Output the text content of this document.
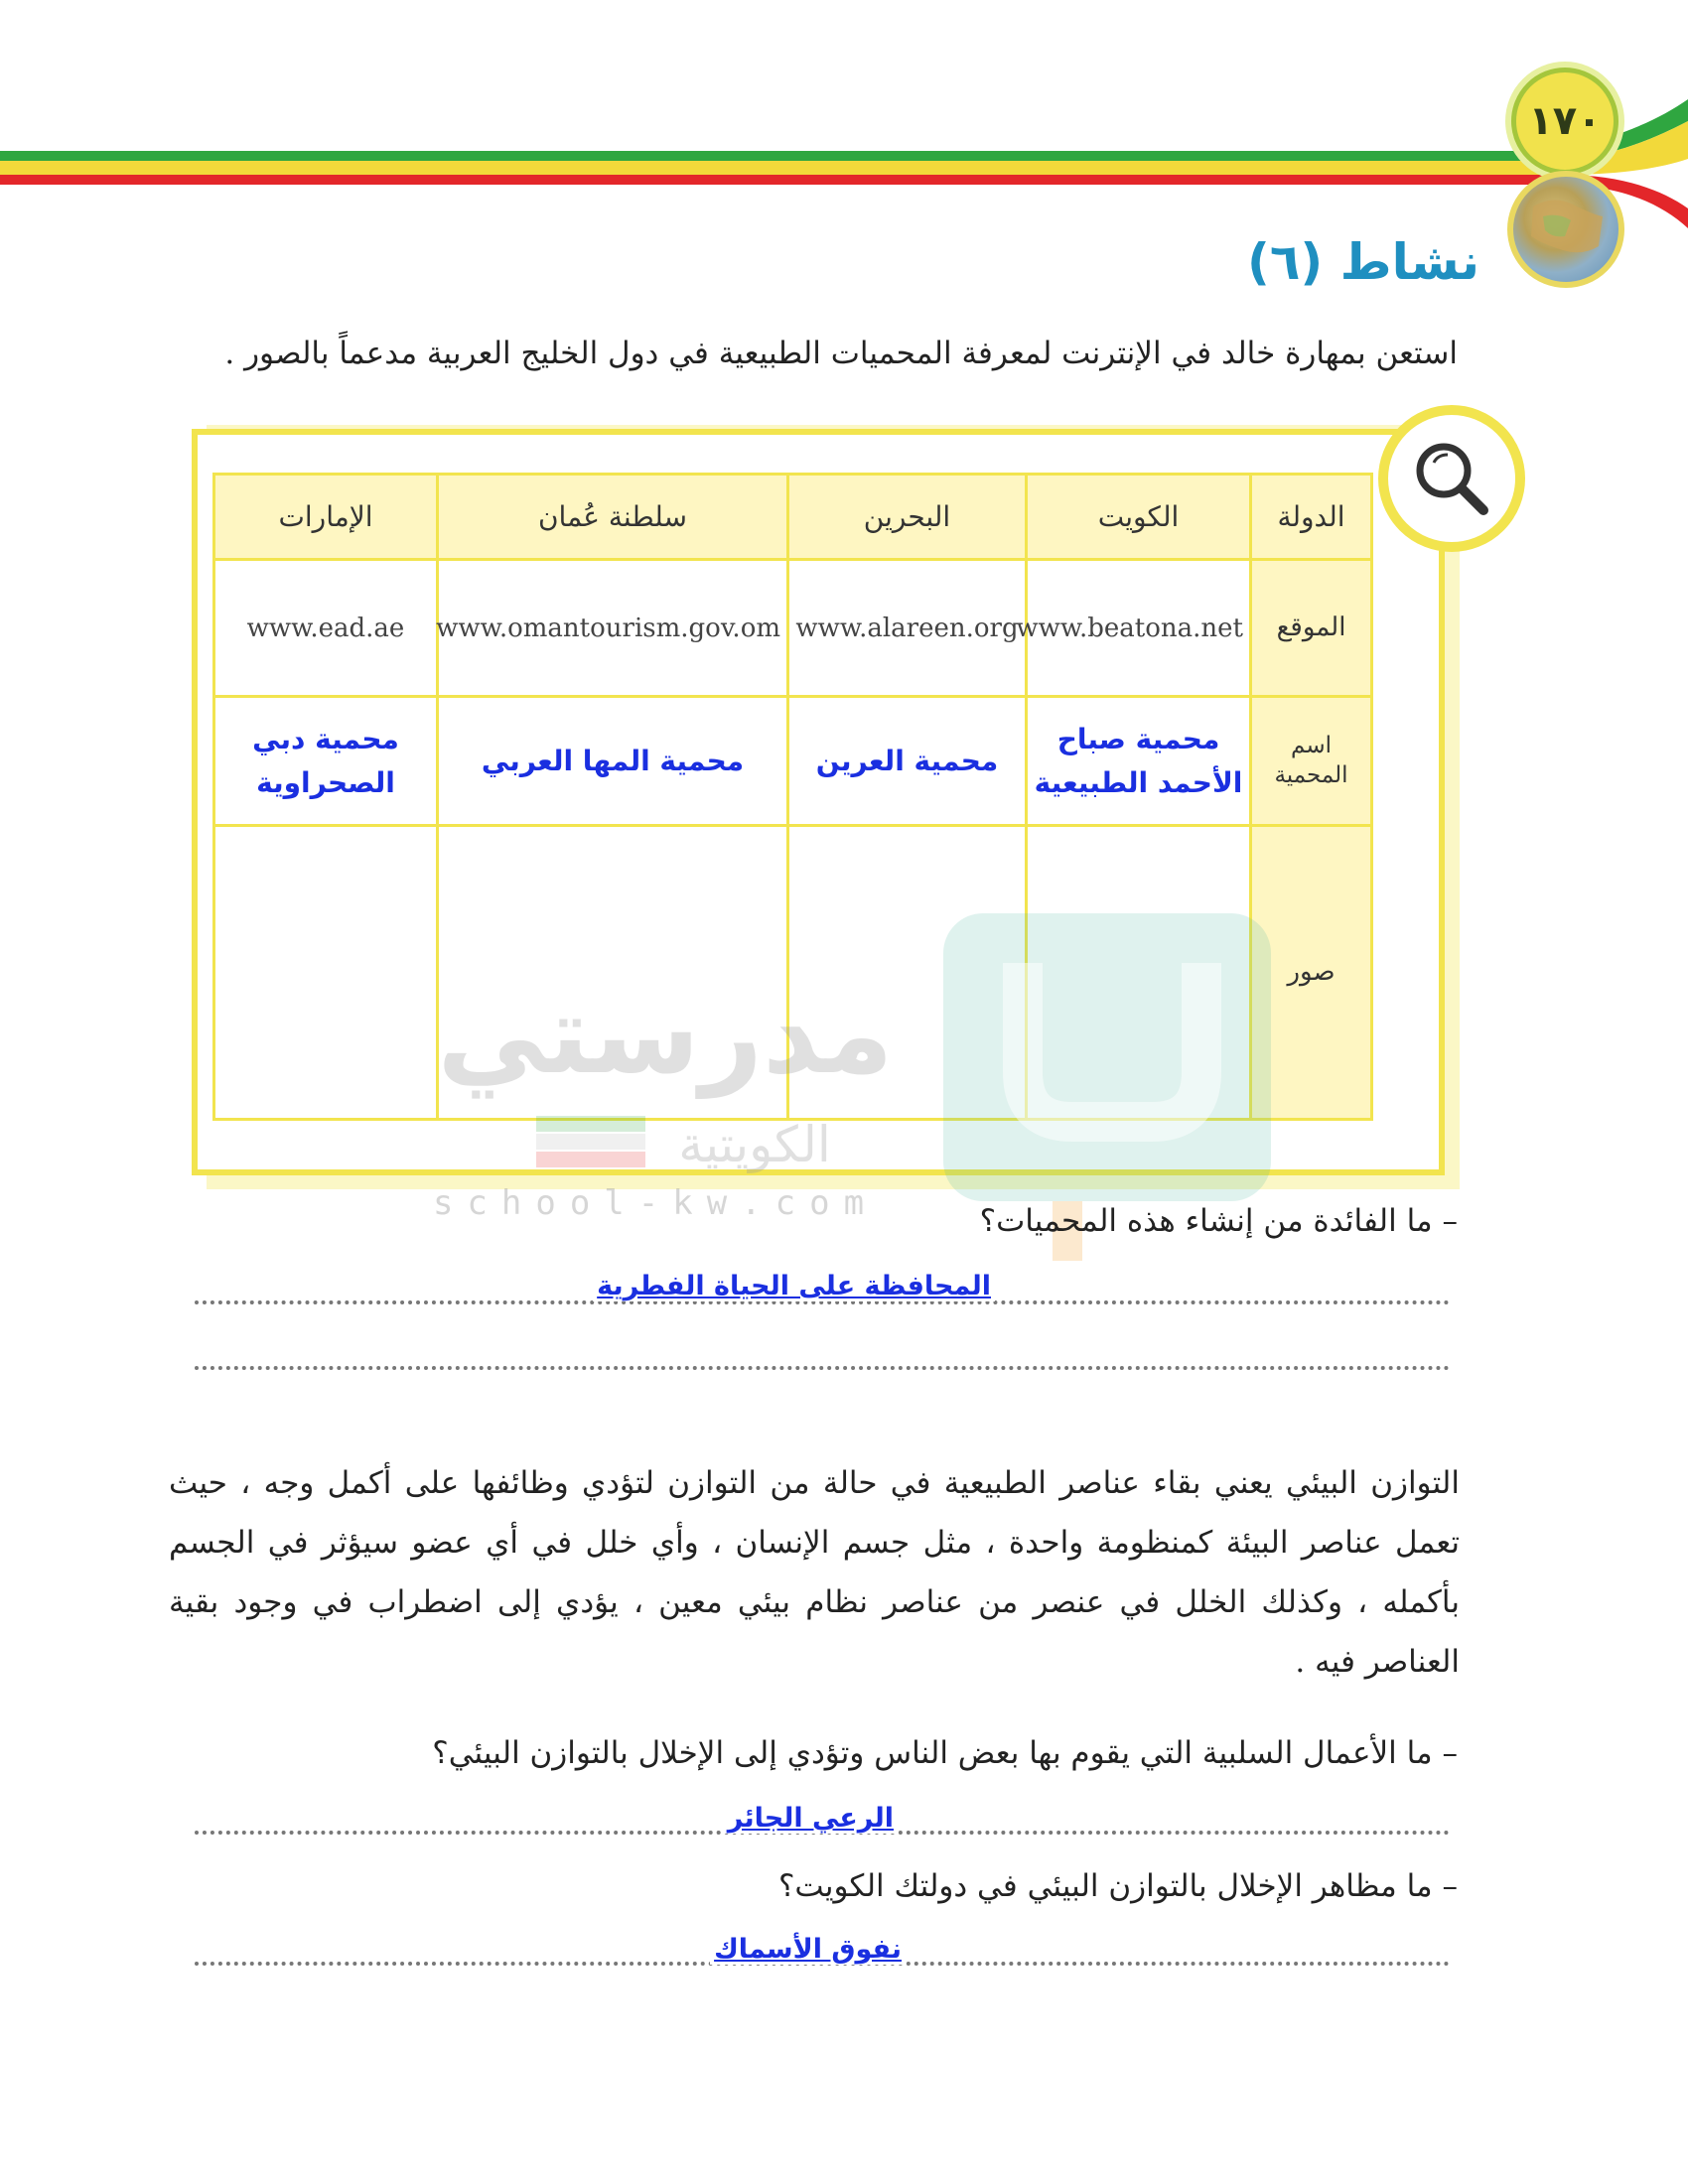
١٧٠
نشاط (٦)
استعن بمهارة خالد في الإنترنت لمعرفة المحميات الطبيعية في دول الخليج العربية مدعماً بالصور .
الدولة	الكويت	البحرين	سلطنة عُمان	الإمارات
الموقع	www.beatona.net	www.alareen.org	www.omantourism.gov.om	www.ead.ae
اسم المحمية	محمية صباح الأحمد الطبيعية	محمية العرين	محمية المها العربي	محمية دبي الصحراوية
صور				
مدرستي
الكويتية
school-kw.com	– ما الفائدة من إنشاء هذه المحميات؟
المحافظة على الحياة الفطرية
التوازن البيئي يعني بقاء عناصر الطبيعية في حالة من التوازن لتؤدي وظائفها على أكمل وجه ، حيث تعمل عناصر البيئة كمنظومة واحدة ، مثل جسم الإنسان ، وأي خلل في أي عضو سيؤثر في الجسم بأكمله ، وكذلك الخلل في عنصر من عناصر نظام بيئي معين ، يؤدي إلى اضطراب في وجود بقية العناصر فيه .
– ما الأعمال السلبية التي يقوم بها بعض الناس وتؤدي إلى الإخلال بالتوازن البيئي؟
الرعي الجائر
– ما مظاهر الإخلال بالتوازن البيئي في دولتك الكويت؟
نفوق الأسماك
